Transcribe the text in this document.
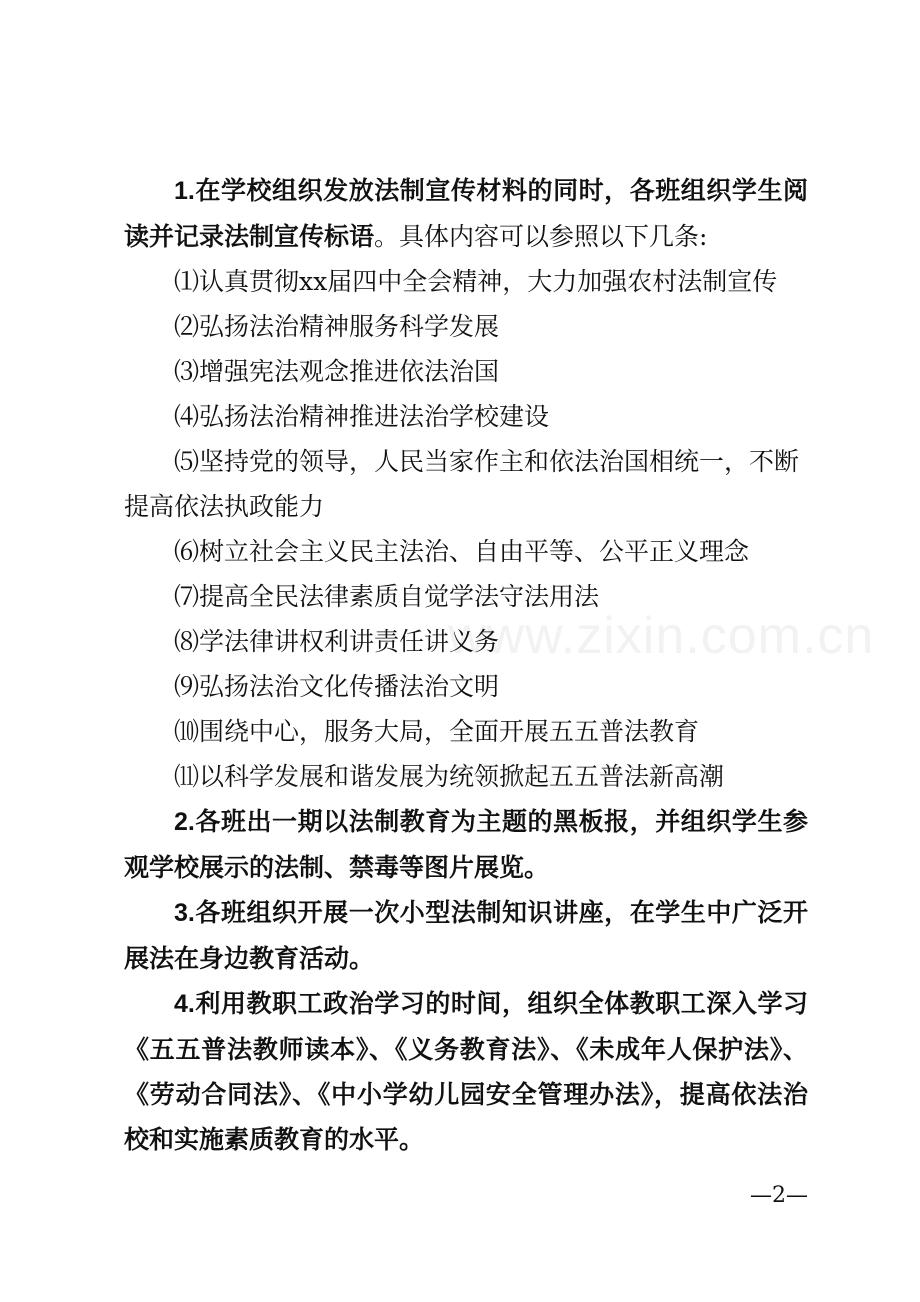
www.zixin.com.cn

1.在学校组织发放法制宣传材料的同时，各班组织学生阅读并记录法制宣传标语。具体内容可以参照以下几条:

⑴认真贯彻xx届四中全会精神，大力加强农村法制宣传

⑵弘扬法治精神服务科学发展

⑶增强宪法观念推进依法治国

⑷弘扬法治精神推进法治学校建设

⑸坚持党的领导，人民当家作主和依法治国相统一，不断提高依法执政能力

⑹树立社会主义民主法治、自由平等、公平正义理念

⑺提高全民法律素质自觉学法守法用法

⑻学法律讲权利讲责任讲义务

⑼弘扬法治文化传播法治文明

⑽围绕中心，服务大局，全面开展五五普法教育

⑾以科学发展和谐发展为统领掀起五五普法新高潮

2.各班出一期以法制教育为主题的黑板报，并组织学生参观学校展示的法制、禁毒等图片展览。

3.各班组织开展一次小型法制知识讲座，在学生中广泛开展法在身边教育活动。

4.利用教职工政治学习的时间，组织全体教职工深入学习《五五普法教师读本》、《义务教育法》、《未成年人保护法》、《劳动合同法》、《中小学幼儿园安全管理办法》，提高依法治校和实施素质教育的水平。

—2—
